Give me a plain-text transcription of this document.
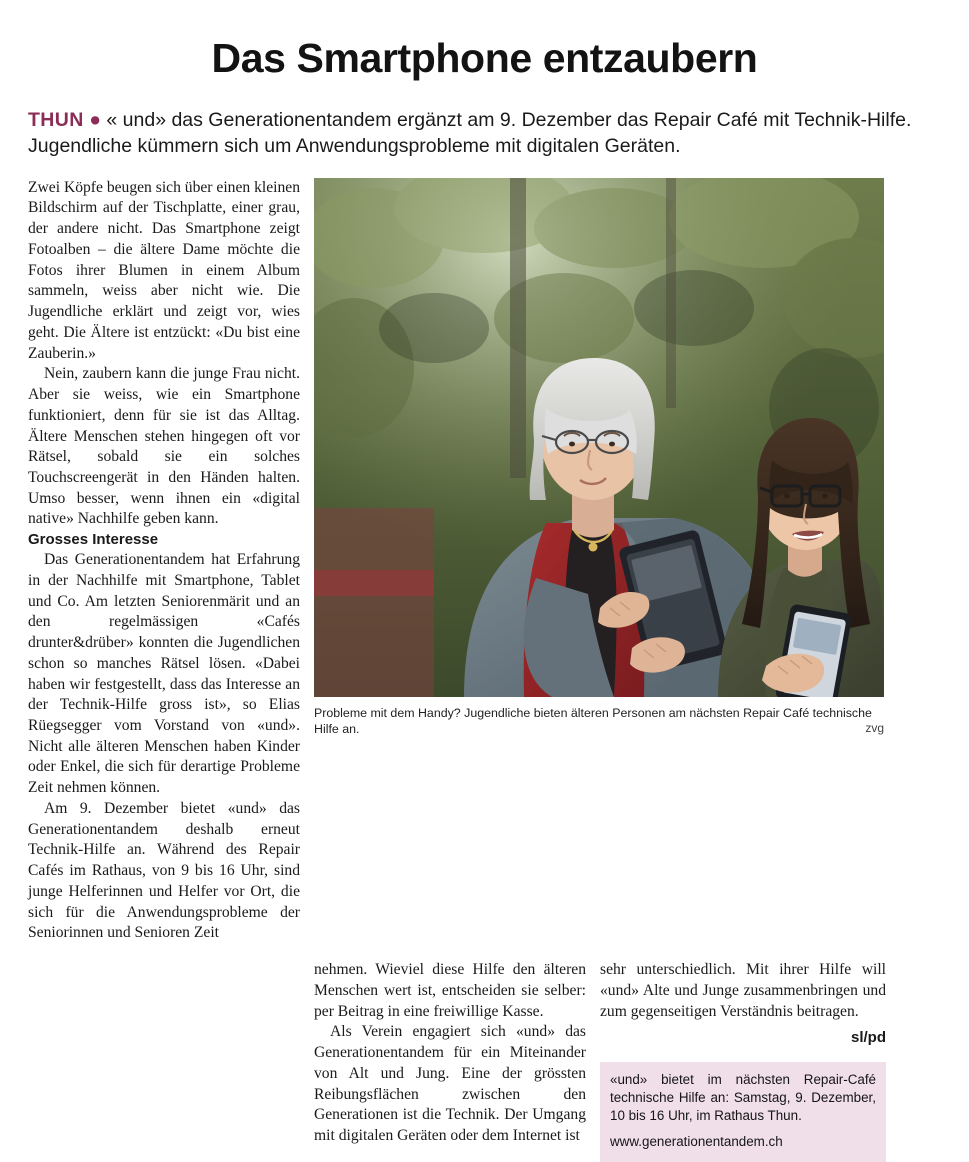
Das Smartphone entzaubern

THUN ● « und» das Generationentandem ergänzt am 9. Dezember das Repair Café mit Technik-Hilfe. Jugendliche kümmern sich um Anwendungsprobleme mit digitalen Geräten.

Zwei Köpfe beugen sich über einen kleinen Bildschirm auf der Tischplatte, einer grau, der andere nicht. Das Smartphone zeigt Fotoalben – die ältere Dame möchte die Fotos ihrer Blumen in einem Album sammeln, weiss aber nicht wie. Die Jugendliche erklärt und zeigt vor, wies geht. Die Ältere ist entzückt: «Du bist eine Zauberin.»

Nein, zaubern kann die junge Frau nicht. Aber sie weiss, wie ein Smartphone funktioniert, denn für sie ist das Alltag. Ältere Menschen stehen hingegen oft vor Rätsel, sobald sie ein solches Touchscreengerät in den Händen halten. Umso besser, wenn ihnen ein «digital native» Nachhilfe geben kann.

Grosses Interesse

Das Generationentandem hat Erfahrung in der Nachhilfe mit Smartphone, Tablet und Co. Am letzten Seniorenmärit und an den regelmässigen «Cafés drunter&drüber» konnten die Jugendlichen schon so manches Rätsel lösen. «Dabei haben wir festgestellt, dass das Interesse an der Technik-Hilfe gross ist», so Elias Rüegsegger vom Vorstand von «und». Nicht alle älteren Menschen haben Kinder oder Enkel, die sich für derartige Probleme Zeit nehmen können.

Am 9. Dezember bietet «und» das Generationentandem deshalb erneut Technik-Hilfe an. Während des Repair Cafés im Rathaus, von 9 bis 16 Uhr, sind junge Helferinnen und Helfer vor Ort, die sich für die Anwendungsprobleme der Seniorinnen und Senioren Zeit

Probleme mit dem Handy? Jugendliche bieten älteren Personen am nächsten Repair Café technische Hilfe an.	zvg

nehmen. Wieviel diese Hilfe den älteren Menschen wert ist, entscheiden sie selber: per Beitrag in eine freiwillige Kasse.

Als Verein engagiert sich «und» das Generationentandem für ein Miteinander von Alt und Jung. Eine der grössten Reibungsflächen zwischen den Generationen ist die Technik. Der Umgang mit digitalen Geräten oder dem Internet ist

sehr unterschiedlich. Mit ihrer Hilfe will «und» Alte und Junge zusammenbringen und zum gegenseitigen Verständnis beitragen.

sl/pd
«und» bietet im nächsten Repair-Café technische Hilfe an: Samstag, 9. Dezember, 10 bis 16 Uhr, im Rathaus Thun.
www.generationentandem.ch
